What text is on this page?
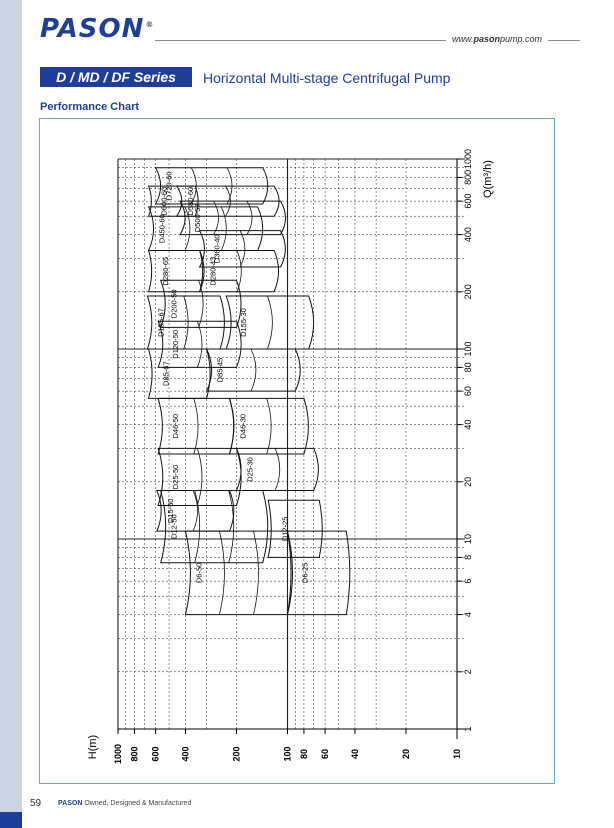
PASON®
www.pasonpump.com
D / MD / DF Series	Horizontal Multi-stage Centrifugal Pump
Performance Chart
1
2
4
6
8
10
20
40
60
80
100
200
400
600
800
1000
10
20
40
60
80
100
200
400
600
800
1000
Q(m³/h)
H(m)
D6-50	D6-25
D12-50	D12-25
D15-50
D25-50	D25-30
D46-50	D46-30
D85-67	D85-45
D120-50
D155-67	D155-30
D200-50
D280-65	D280-43
D360-40
D450-60	D500-57
D580-60
D600-60
D720-60
59 PASON Owned, Designed & Manufactured
